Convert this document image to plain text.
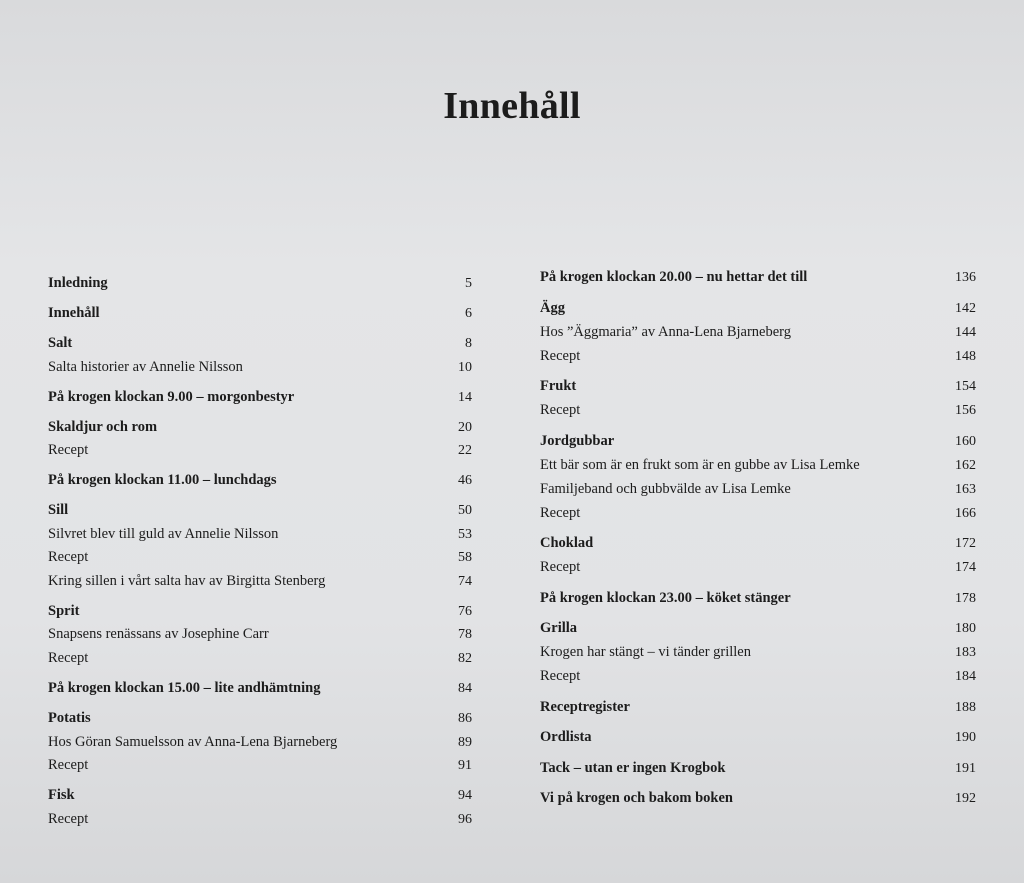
Innehåll
Inledning	5
Innehåll	6
Salt	8
Salta historier av Annelie Nilsson	10
På krogen klockan 9.00 – morgonbestyr	14
Skaldjur och rom	20
Recept	22
På krogen klockan 11.00 – lunchdags	46
Sill	50
Silvret blev till guld av Annelie Nilsson	53
Recept	58
Kring sillen i vårt salta hav av Birgitta Stenberg	74
Sprit	76
Snapsens renässans av Josephine Carr	78
Recept	82
På krogen klockan 15.00 – lite andhämtning	84
Potatis	86
Hos Göran Samuelsson av Anna-Lena Bjarneberg	89
Recept	91
Fisk	94
Recept	96
På krogen klockan 20.00 – nu hettar det till	136
Ägg	142
Hos ”Äggmaria” av Anna-Lena Bjarneberg	144
Recept	148
Frukt	154
Recept	156
Jordgubbar	160
Ett bär som är en frukt som är en gubbe av Lisa Lemke	162
Familjeband och gubbvälde av Lisa Lemke	163
Recept	166
Choklad	172
Recept	174
På krogen klockan 23.00 – köket stänger	178
Grilla	180
Krogen har stängt – vi tänder grillen	183
Recept	184
Receptregister	188
Ordlista	190
Tack – utan er ingen Krogbok	191
Vi på krogen och bakom boken	192
